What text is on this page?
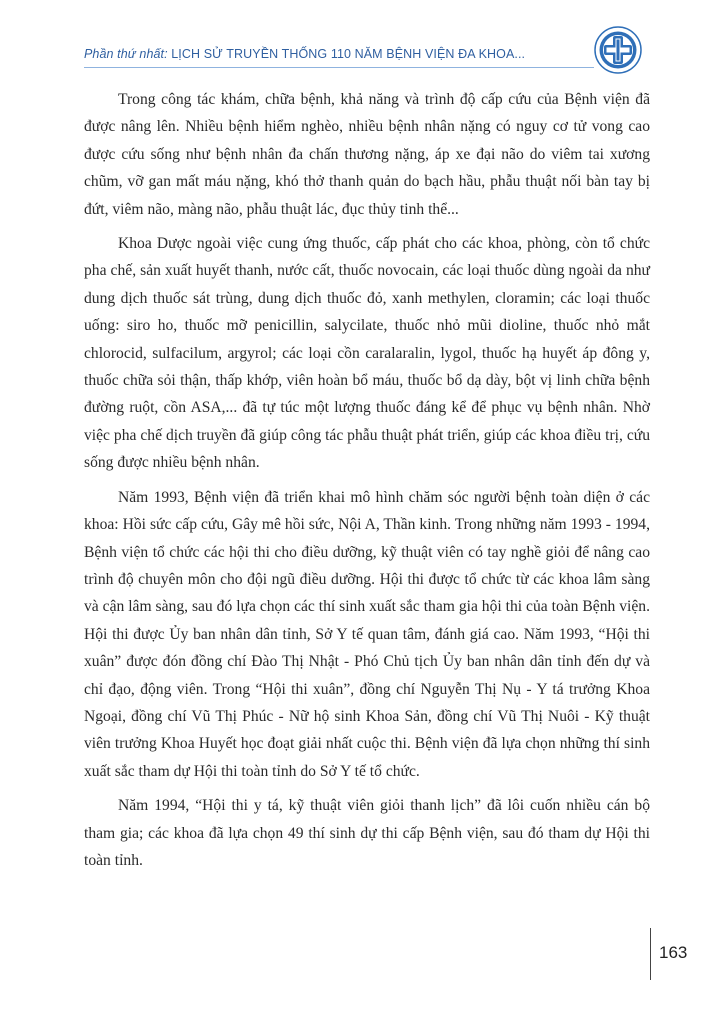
Phần thứ nhất: LỊCH SỬ TRUYỀN THỐNG 110 NĂM BỆNH VIỆN ĐA KHOA...

Trong công tác khám, chữa bệnh, khả năng và trình độ cấp cứu của Bệnh viện đã được nâng lên. Nhiều bệnh hiểm nghèo, nhiều bệnh nhân nặng có nguy cơ tử vong cao được cứu sống như bệnh nhân đa chấn thương nặng, áp xe đại não do viêm tai xương chũm, vỡ gan mất máu nặng, khó thở thanh quản do bạch hầu, phẫu thuật nối bàn tay bị đứt, viêm não, màng não, phẫu thuật lác, đục thủy tinh thể...

Khoa Dược ngoài việc cung ứng thuốc, cấp phát cho các khoa, phòng, còn tổ chức pha chế, sản xuất huyết thanh, nước cất, thuốc novocain, các loại thuốc dùng ngoài da như dung dịch thuốc sát trùng, dung dịch thuốc đỏ, xanh methylen, cloramin; các loại thuốc uống: siro ho, thuốc mỡ penicillin, salycilate, thuốc nhỏ mũi dioline, thuốc nhỏ mắt chlorocid, sulfacilum, argyrol; các loại cồn caralaralin, lygol, thuốc hạ huyết áp đông y, thuốc chữa sỏi thận, thấp khớp, viên hoàn bổ máu, thuốc bổ dạ dày, bột vị linh chữa bệnh đường ruột, cồn ASA,... đã tự túc một lượng thuốc đáng kể để phục vụ bệnh nhân. Nhờ việc pha chế dịch truyền đã giúp công tác phẫu thuật phát triển, giúp các khoa điều trị, cứu sống được nhiều bệnh nhân.

Năm 1993, Bệnh viện đã triển khai mô hình chăm sóc người bệnh toàn diện ở các khoa: Hồi sức cấp cứu, Gây mê hồi sức, Nội A, Thần kinh. Trong những năm 1993 - 1994, Bệnh viện tổ chức các hội thi cho điều dưỡng, kỹ thuật viên có tay nghề giỏi để nâng cao trình độ chuyên môn cho đội ngũ điều dưỡng. Hội thi được tổ chức từ các khoa lâm sàng và cận lâm sàng, sau đó lựa chọn các thí sinh xuất sắc tham gia hội thi của toàn Bệnh viện. Hội thi được Ủy ban nhân dân tỉnh, Sở Y tế quan tâm, đánh giá cao. Năm 1993, “Hội thi xuân” được đón đồng chí Đào Thị Nhật - Phó Chủ tịch Ủy ban nhân dân tỉnh đến dự và chỉ đạo, động viên. Trong “Hội thi xuân”, đồng chí Nguyễn Thị Nụ - Y tá trưởng Khoa Ngoại, đồng chí Vũ Thị Phúc - Nữ hộ sinh Khoa Sản, đồng chí Vũ Thị Nuôi - Kỹ thuật viên trưởng Khoa Huyết học đoạt giải nhất cuộc thi. Bệnh viện đã lựa chọn những thí sinh xuất sắc tham dự Hội thi toàn tỉnh do Sở Y tế tổ chức.

Năm 1994, “Hội thi y tá, kỹ thuật viên giỏi thanh lịch” đã lôi cuốn nhiều cán bộ tham gia; các khoa đã lựa chọn 49 thí sinh dự thi cấp Bệnh viện, sau đó tham dự Hội thi toàn tỉnh.

163
